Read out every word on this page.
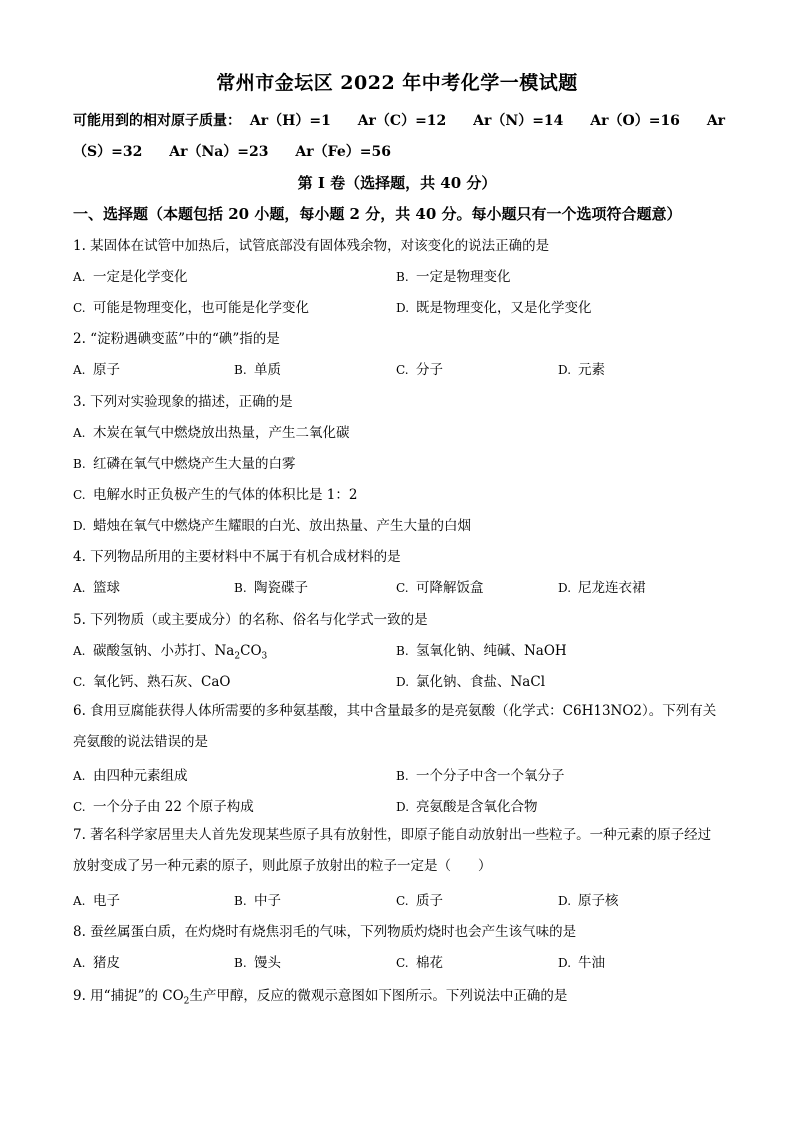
常州市金坛区 2022 年中考化学一模试题
可能用到的相对原子质量： Ar（H）=1 Ar（C）=12 Ar（N）=14 Ar（O）=16 Ar
（S）=32 Ar（Na）=23 Ar（Fe）=56
第 I 卷（选择题，共 40 分）
一、选择题（本题包括 20 小题，每小题 2 分，共 40 分。每小题只有一个选项符合题意）
1. 某固体在试管中加热后，试管底部没有固体残余物，对该变化的说法正确的是
A. 一定是化学变化	B. 一定是物理变化
C. 可能是物理变化，也可能是化学变化	D. 既是物理变化，又是化学变化
2. “淀粉遇碘变蓝”中的“碘”指的是
A. 原子	B. 单质	C. 分子	D. 元素
3. 下列对实验现象的描述，正确的是
A. 木炭在氧气中燃烧放出热量，产生二氧化碳
B. 红磷在氧气中燃烧产生大量的白雾
C. 电解水时正负极产生的气体的体积比是 1：2
D. 蜡烛在氧气中燃烧产生耀眼的白光、放出热量、产生大量的白烟
4. 下列物品所用的主要材料中不属于有机合成材料的是
A. 篮球	B. 陶瓷碟子	C. 可降解饭盒	D. 尼龙连衣裙
5. 下列物质（或主要成分）的名称、俗名与化学式一致的是
A. 碳酸氢钠、小苏打、$Na_2CO_3$	B. 氢氧化钠、纯碱、NaOH
C. 氧化钙、熟石灰、CaO	D. 氯化钠、食盐、NaCl
6. 食用豆腐能获得人体所需要的多种氨基酸，其中含量最多的是亮氨酸（化学式：C6H13NO2）。下列有关亮氨酸的说法错误的是
A. 由四种元素组成	B. 一个分子中含一个氧分子
C. 一个分子由 22 个原子构成	D. 亮氨酸是含氧化合物
7. 著名科学家居里夫人首先发现某些原子具有放射性，即原子能自动放射出一些粒子。一种元素的原子经过放射变成了另一种元素的原子，则此原子放射出的粒子一定是（　　）
A. 电子	B. 中子	C. 质子	D. 原子核
8. 蚕丝属蛋白质，在灼烧时有烧焦羽毛的气味，下列物质灼烧时也会产生该气味的是
A. 猪皮	B. 馒头	C. 棉花	D. 牛油
9. 用“捕捉”的 $CO_2$生产甲醇，反应的微观示意图如下图所示。下列说法中正确的是
